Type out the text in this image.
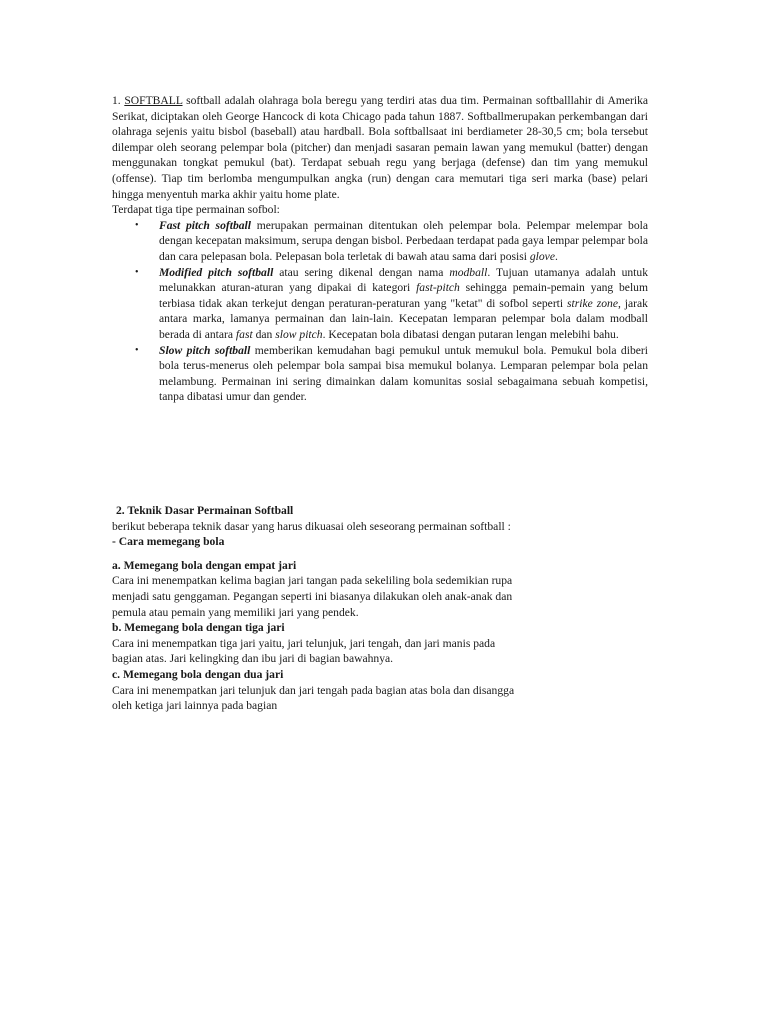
1. SOFTBALL softball adalah olahraga bola beregu yang terdiri atas dua tim. Permainan softballlahir di Amerika Serikat, diciptakan oleh George Hancock di kota Chicago pada tahun 1887. Softballmerupakan perkembangan dari olahraga sejenis yaitu bisbol (baseball) atau hardball. Bola softballsaat ini berdiameter 28-30,5 cm; bola tersebut dilempar oleh seorang pelempar bola (pitcher) dan menjadi sasaran pemain lawan yang memukul (batter) dengan menggunakan tongkat pemukul (bat). Terdapat sebuah regu yang berjaga (defense) dan tim yang memukul (offense). Tiap tim berlomba mengumpulkan angka (run) dengan cara memutari tiga seri marka (base) pelari hingga menyentuh marka akhir yaitu home plate.

Terdapat tiga tipe permainan sofbol:

• Fast pitch softball merupakan permainan ditentukan oleh pelempar bola. Pelempar melempar bola dengan kecepatan maksimum, serupa dengan bisbol. Perbedaan terdapat pada gaya lempar pelempar bola dan cara pelepasan bola. Pelepasan bola terletak di bawah atau sama dari posisi glove.
• Modified pitch softball atau sering dikenal dengan nama modball. Tujuan utamanya adalah untuk melunakkan aturan-aturan yang dipakai di kategori fast-pitch sehingga pemain-pemain yang belum terbiasa tidak akan terkejut dengan peraturan-peraturan yang "ketat" di sofbol seperti strike zone, jarak antara marka, lamanya permainan dan lain-lain. Kecepatan lemparan pelempar bola dalam modball berada di antara fast dan slow pitch. Kecepatan bola dibatasi dengan putaran lengan melebihi bahu.
• Slow pitch softball memberikan kemudahan bagi pemukul untuk memukul bola. Pemukul bola diberi bola terus-menerus oleh pelempar bola sampai bisa memukul bolanya. Lemparan pelempar bola pelan melambung. Permainan ini sering dimainkan dalam komunitas sosial sebagaimana sebuah kompetisi, tanpa dibatasi umur dan gender.

2. Teknik Dasar Permainan Softball

berikut beberapa teknik dasar yang harus dikuasai oleh seseorang permainan softball :

- Cara memegang bola

a. Memegang bola dengan empat jari

Cara ini menempatkan kelima bagian jari tangan pada sekeliling bola sedemikian rupa menjadi satu genggaman. Pegangan seperti ini biasanya dilakukan oleh anak-anak dan pemula atau pemain yang memiliki jari yang pendek.

b. Memegang bola dengan tiga jari

Cara ini menempatkan tiga jari yaitu, jari telunjuk, jari tengah, dan jari manis pada bagian atas. Jari kelingking dan ibu jari di bagian bawahnya.

c. Memegang bola dengan dua jari

Cara ini menempatkan jari telunjuk dan jari tengah pada bagian atas bola dan disangga oleh ketiga jari lainnya pada bagian
